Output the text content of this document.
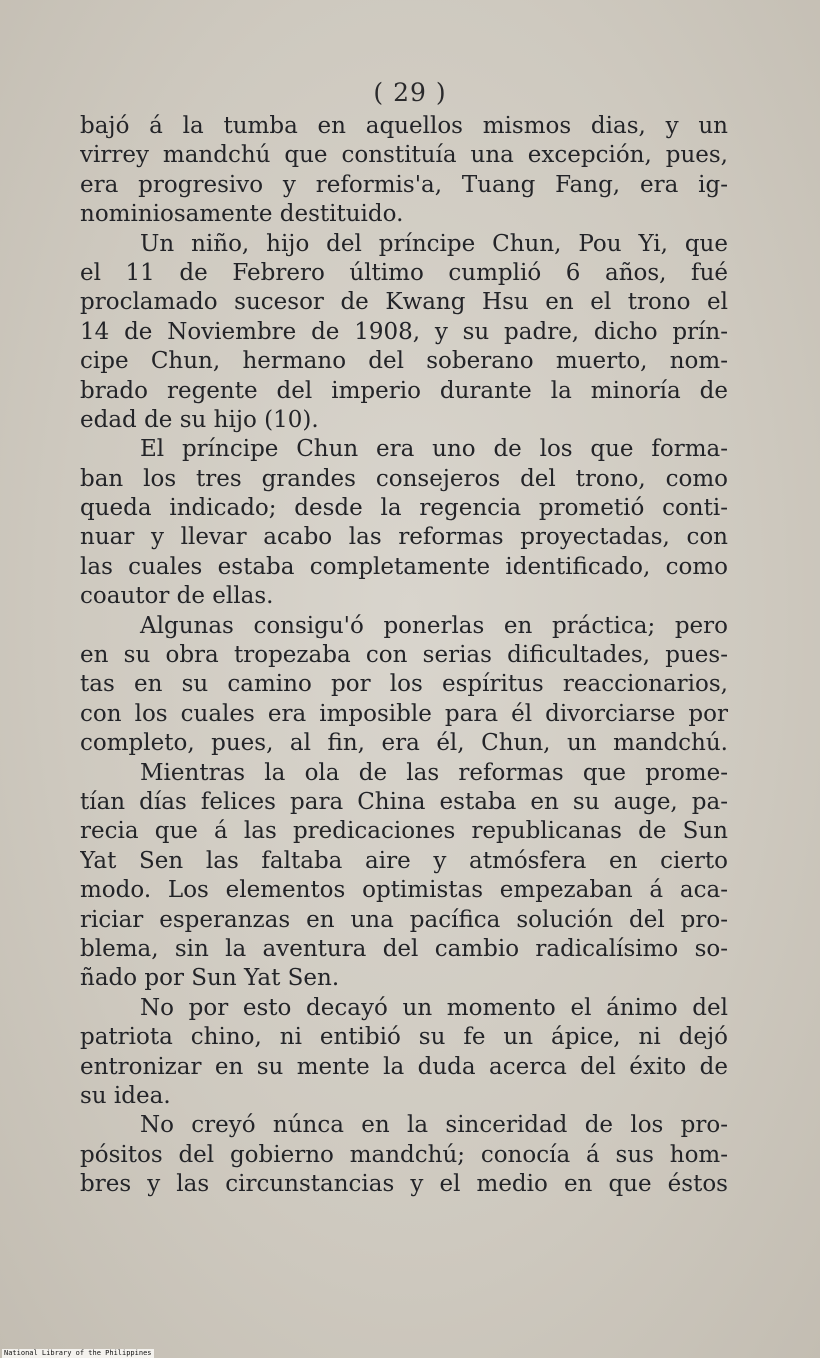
( 29 )
bajó á la tumba en aquellos mismos dias, y un
virrey mandchú que constituía una excepción, pues,
era progresivo y reformis'a, Tuang Fang, era ig-
nominiosamente destituido.
Un niño, hijo del príncipe Chun, Pou Yi, que
el 11 de Febrero último cumplió 6 años, fué
proclamado sucesor de Kwang Hsu en el trono el
14 de Noviembre de 1908, y su padre, dicho prín-
cipe Chun, hermano del soberano muerto, nom-
brado regente del imperio durante la minoría de
edad de su hijo (10).
El príncipe Chun era uno de los que forma-
ban los tres grandes consejeros del trono, como
queda indicado; desde la regencia prometió conti-
nuar y llevar acabo las reformas proyectadas, con
las cuales estaba completamente identificado, como
coautor de ellas.
Algunas consigu'ó ponerlas en práctica; pero
en su obra tropezaba con serias dificultades, pues-
tas en su camino por los espíritus reaccionarios,
con los cuales era imposible para él divorciarse por
completo, pues, al fin, era él, Chun, un mandchú.
Mientras la ola de las reformas que prome-
tían días felices para China estaba en su auge, pa-
recia que á las predicaciones republicanas de Sun
Yat Sen las faltaba aire y atmósfera en cierto
modo. Los elementos optimistas empezaban á aca-
riciar esperanzas en una pacífica solución del pro-
blema, sin la aventura del cambio radicalísimo so-
ñado por Sun Yat Sen.
No por esto decayó un momento el ánimo del
patriota chino, ni entibió su fe un ápice, ni dejó
entronizar en su mente la duda acerca del éxito de
su idea.
No creyó núnca en la sinceridad de los pro-
pósitos del gobierno mandchú; conocía á sus hom-
bres y las circunstancias y el medio en que éstos
National Library of the Philippines
